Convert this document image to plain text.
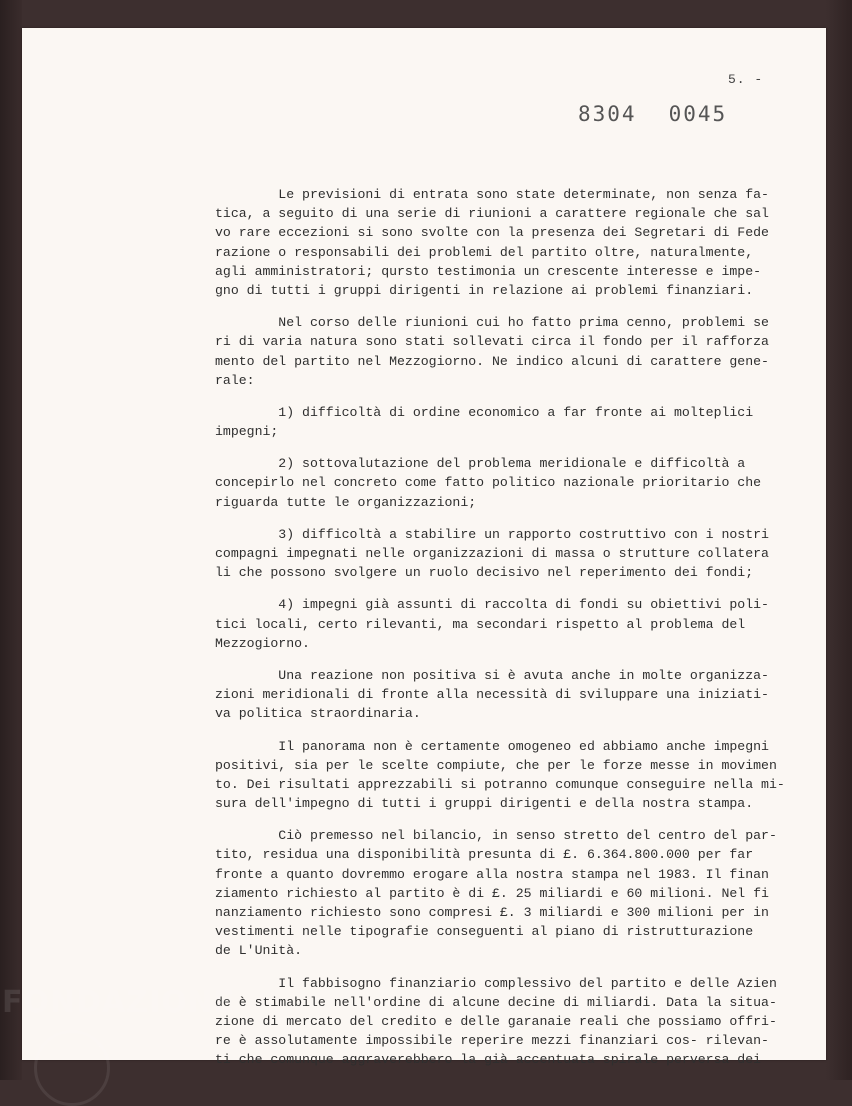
5. -
8304 0045
Le previsioni di entrata sono state determinate, non senza fa-
tica, a seguito di una serie di riunioni a carattere regionale che sal
vo rare eccezioni si sono svolte con la presenza dei Segretari di Fede
razione o responsabili dei problemi del partito oltre, naturalmente,
agli amministratori; qursto testimonia un crescente interesse e impe-
gno di tutti i gruppi dirigenti in relazione ai problemi finanziari.
Nel corso delle riunioni cui ho fatto prima cenno, problemi se
ri di varia natura sono stati sollevati circa il fondo per il rafforza
mento del partito nel Mezzogiorno. Ne indico alcuni di carattere gene-
rale:
1) difficoltà di ordine economico a far fronte ai molteplici
impegni;
2) sottovalutazione del problema meridionale e difficoltà a
concepirlo nel concreto come fatto politico nazionale prioritario che
riguarda tutte le organizzazioni;
3) difficoltà a stabilire un rapporto costruttivo con i nostri
compagni impegnati nelle organizzazioni di massa o strutture collatera
li che possono svolgere un ruolo decisivo nel reperimento dei fondi;
4) impegni già assunti di raccolta di fondi su obiettivi poli-
tici locali, certo rilevanti, ma secondari rispetto al problema del
Mezzogiorno.
Una reazione non positiva si è avuta anche in molte organizza-
zioni meridionali di fronte alla necessità di sviluppare una iniziati-
va politica straordinaria.
Il panorama non è certamente omogeneo ed abbiamo anche impegni
positivi, sia per le scelte compiute, che per le forze messe in movimen
to. Dei risultati apprezzabili si potranno comunque conseguire nella mi-
sura dell'impegno di tutti i gruppi dirigenti e della nostra stampa.
Ciò premesso nel bilancio, in senso stretto del centro del par-
tito, residua una disponibilità presunta di £. 6.364.800.000 per far
fronte a quanto dovremmo erogare alla nostra stampa nel 1983. Il finan
ziamento richiesto al partito è di £. 25 miliardi e 60 milioni. Nel fi
nanziamento richiesto sono compresi £. 3 miliardi e 300 milioni per in
vestimenti nelle tipografie conseguenti al piano di ristrutturazione
de L'Unità.
Il fabbisogno finanziario complessivo del partito e delle Azien
de è stimabile nell'ordine di alcune decine di miliardi. Data la situa-
zione di mercato del credito e delle garanaie reali che possiamo offri-
re è assolutamente impossibile reperire mezzi finanziari cos- rilevan-
ti che comunque aggraverebbero la già accentuata spirale perversa dei
FONDAZIONE
